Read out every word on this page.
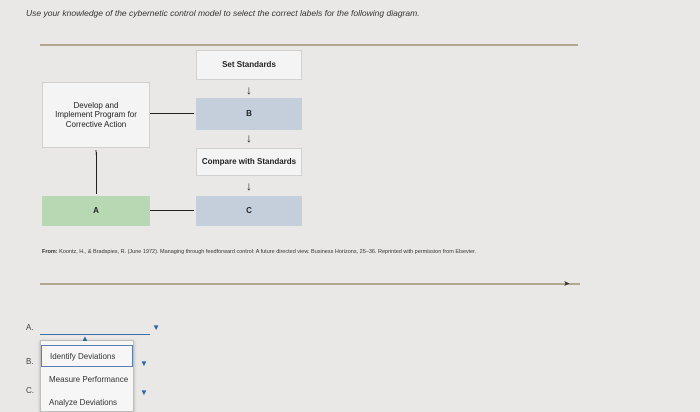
Use your knowledge of the cybernetic control model to select the correct labels for the following diagram.
Develop and Implement Program for Corrective Action
Set Standards
↓
B
↓
Compare with Standards
↓
C
A
↑
From: Koontz, H., & Bradspies, R. (June 1972). Managing through feedforward control: A future directed view. Business Horizons, 25–36. Reprinted with permission from Elsevier.
➤
A.	▼
B.
C.
▲
Identify Deviations
Measure Performance
Analyze Deviations
▼
▼
